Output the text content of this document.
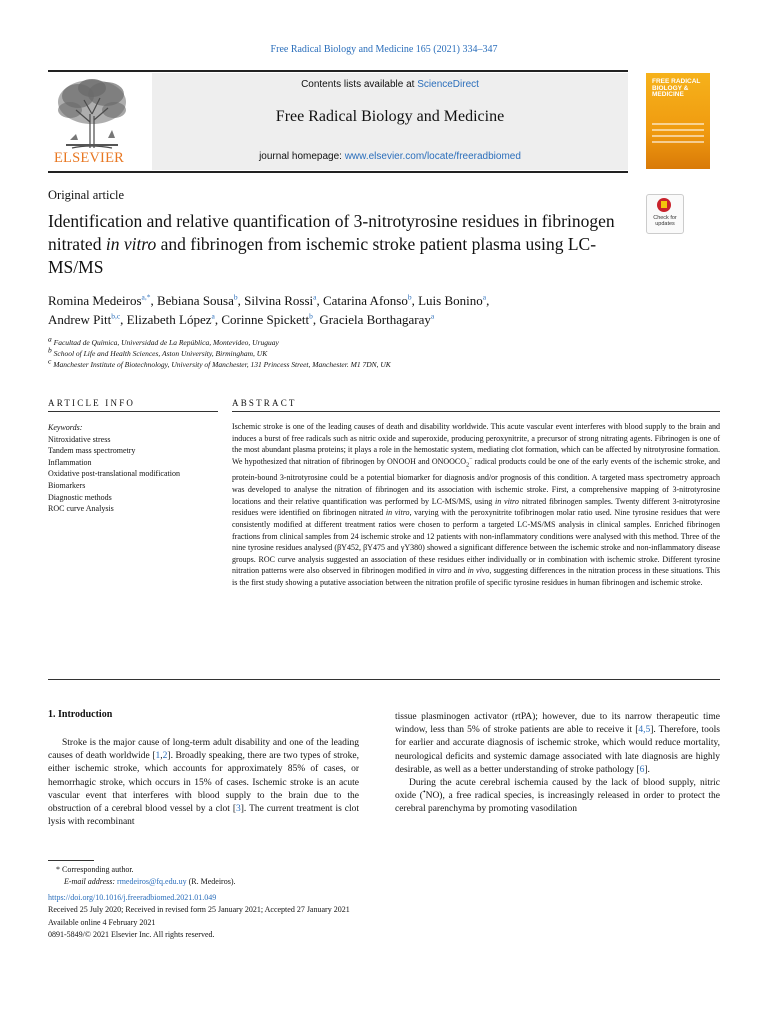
Free Radical Biology and Medicine 165 (2021) 334–347
Contents lists available at ScienceDirect
Free Radical Biology and Medicine
journal homepage: www.elsevier.com/locate/freeradbiomed
ELSEVIER
FREE RADICAL BIOLOGY & MEDICINE
Original article
Identification and relative quantification of 3-nitrotyrosine residues in fibrinogen nitrated in vitro and fibrinogen from ischemic stroke patient plasma using LC-MS/MS
Check for updates
Romina Medeiros$^{a,*}$, Bebiana Sousa$^b$, Silvina Rossi$^a$, Catarina Afonso$^b$, Luis Bonino$^a$,
Andrew Pitt$^{b,c}$, Elizabeth López$^a$, Corinne Spickett$^b$, Graciela Borthagaray$^a$
$^a$ Facultad de Química, Universidad de La República, Montevideo, Uruguay
$^b$ School of Life and Health Sciences, Aston University, Birmingham, UK
$^c$ Manchester Institute of Biotechnology, University of Manchester, 131 Princess Street, Manchester. M1 7DN, UK
ARTICLE INFO	ABSTRACT
Keywords:
Nitroxidative stress
Tandem mass spectrometry
Inflammation
Oxidative post-translational modification
Biomarkers
Diagnostic methods
ROC curve Analysis
Ischemic stroke is one of the leading causes of death and disability worldwide. This acute vascular event interferes with blood supply to the brain and induces a burst of free radicals such as nitric oxide and superoxide, producing peroxynitrite, a precursor of strong nitrating agents. Fibrinogen is one of the most abundant plasma proteins; it plays a role in the hemostatic system, mediating clot formation, which can be affected by nitrotyrosine formation. We hypothesized that nitration of fibrinogen by ONOOH and $ONOOCO_2^-$ radical products could be one of the early events of the ischemic stroke, and protein-bound 3-nitrotyrosine could be a potential biomarker for diagnosis and/or prognosis of this condition. A targeted mass spectrometry approach was developed to analyse the nitration of fibrinogen and its association with ischemic stroke. First, a comprehensive mapping of 3-nitrotyrosine locations and their relative quantification was performed by LC-MS/MS, using in vitro nitrated fibrinogen samples. Twenty different 3-nitrotyrosine residues were identified on fibrinogen nitrated in vitro, varying with the peroxynitrite tofibrinogen molar ratio used. Nine tyrosine residues that were consistently modified at different treatment ratios were chosen to perform a targeted LC-MS/MS analysis in clinical samples. Enriched fibrinogen fractions from clinical samples from 24 ischemic stroke and 12 patients with non-inflammatory conditions were analysed with this method. Three of the nine tyrosine residues analysed (βY452, βY475 and γY380) showed a significant difference between the ischemic stroke and non-inflammatory disease groups. ROC curve analysis suggested an association of these residues either individually or in combination with ischemic stroke. Different tyrosine nitration patterns were also observed in fibrinogen modified in vitro and in vivo, suggesting differences in the nitration process in these situations. This is the first study showing a putative association between the nitration profile of specific tyrosine residues in human fibrinogen and ischemic stroke.
1. Introduction
Stroke is the major cause of long-term adult disability and one of the leading causes of death worldwide [1,2]. Broadly speaking, there are two types of stroke, either ischemic stroke, which accounts for approximately 85% of cases, or hemorrhagic stroke, which occurs in 15% of cases. Ischemic stroke is an acute vascular event that interferes with blood supply to the brain due to the obstruction of a cerebral blood vessel by a clot [3]. The current treatment is clot lysis with recombinant

tissue plasminogen activator (rtPA); however, due to its narrow therapeutic time window, less than 5% of stroke patients are able to receive it [4,5]. Therefore, tools for earlier and accurate diagnosis of ischemic stroke, which would reduce mortality, neurological deficits and systemic damage associated with late diagnosis are highly desirable, as well as a better understanding of stroke pathology [6].

During the acute cerebral ischemia caused by the lack of blood supply, nitric oxide (•NO), a free radical species, is increasingly released in order to protect the cerebral parenchyma by promoting vasodilation

* Corresponding author.
E-mail address: rmedeiros@fq.edu.uy (R. Medeiros).
https://doi.org/10.1016/j.freeradbiomed.2021.01.049
Received 25 July 2020; Received in revised form 25 January 2021; Accepted 27 January 2021
Available online 4 February 2021
0891-5849/© 2021 Elsevier Inc. All rights reserved.
